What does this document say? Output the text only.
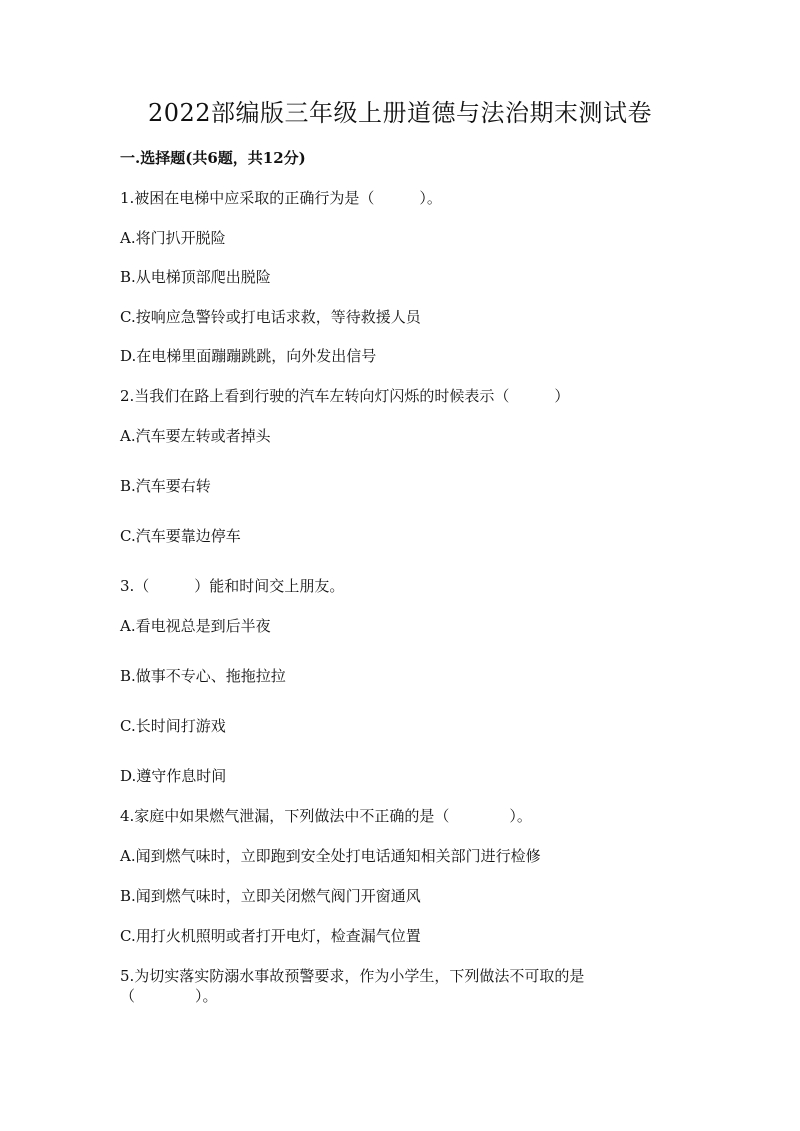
2022部编版三年级上册道德与法治期末测试卷
一.选择题(共6题，共12分)
1.被困在电梯中应采取的正确行为是（　　　）。
A.将门扒开脱险
B.从电梯顶部爬出脱险
C.按响应急警铃或打电话求救，等待救援人员
D.在电梯里面蹦蹦跳跳，向外发出信号
2.当我们在路上看到行驶的汽车左转向灯闪烁的时候表示（　　　）
A.汽车要左转或者掉头
B.汽车要右转
C.汽车要靠边停车
3.（　　　）能和时间交上朋友。
A.看电视总是到后半夜
B.做事不专心、拖拖拉拉
C.长时间打游戏
D.遵守作息时间
4.家庭中如果燃气泄漏，下列做法中不正确的是（　　　　）。
A.闻到燃气味时，立即跑到安全处打电话通知相关部门进行检修
B.闻到燃气味时，立即关闭燃气阀门开窗通风
C.用打火机照明或者打开电灯，检查漏气位置
5.为切实落实防溺水事故预警要求，作为小学生，下列做法不可取的是（　　　　）。
